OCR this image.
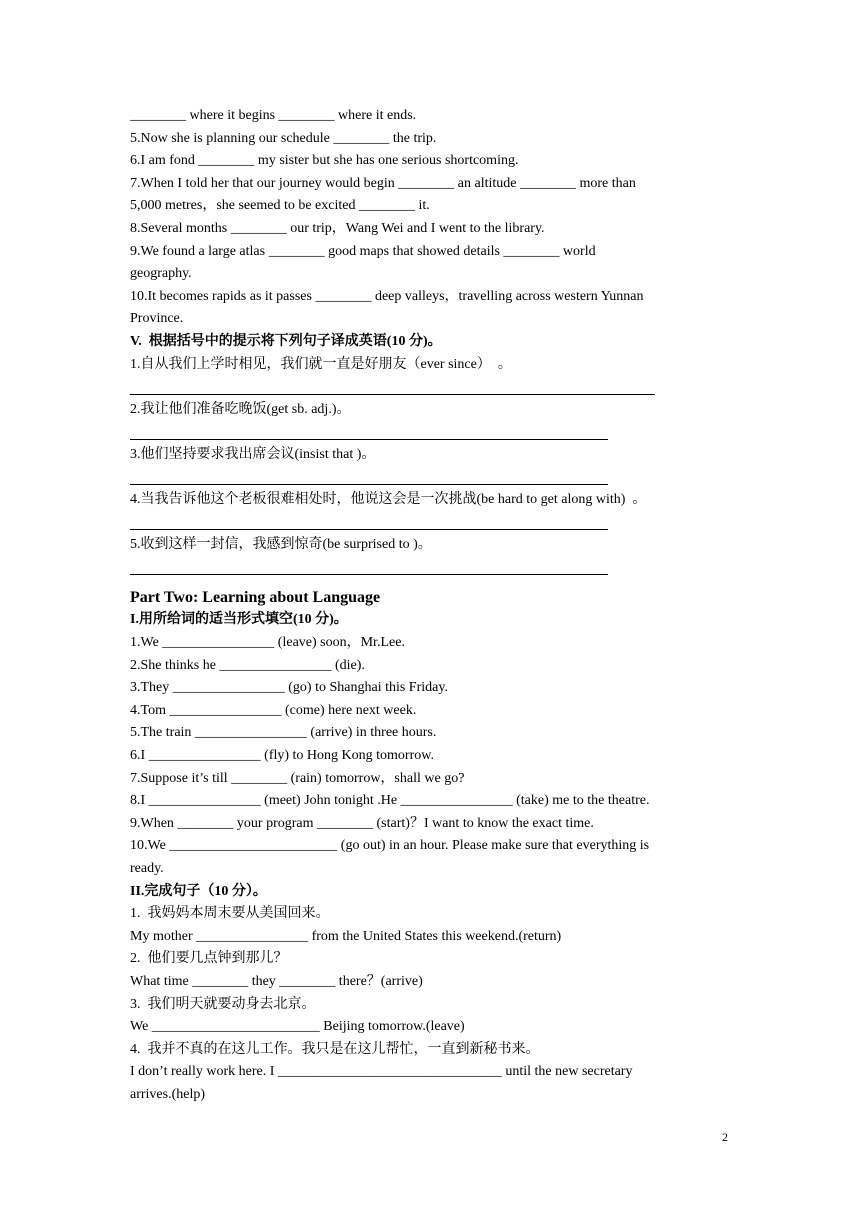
________ where it begins ________ where it ends.
5.Now she is planning our schedule ________ the trip.
6.I am fond ________ my sister but she has one serious shortcoming.
7.When I told her that our journey would begin ________ an altitude ________ more than
5,000 metres，she seemed to be excited ________ it.
8.Several months ________ our trip，Wang Wei and I went to the library.
9.We found a large atlas ________ good maps that showed details ________ world
geography.
10.It becomes rapids as it passes ________ deep valleys，travelling across western Yunnan
Province.
V.  根据括号中的提示将下列句子译成英语(10 分)。
1.自从我们上学时相见，我们就一直是好朋友（ever since）  。
2.我让他们准备吃晚饭(get sb. adj.)。
3.他们坚持要求我出席会议(insist that )。
4.当我告诉他这个老板很难相处时，他说这会是一次挑战(be hard to get along with)  。
5.收到这样一封信，我感到惊奇(be surprised to )。
Part Two: Learning about Language
I.用所给词的适当形式填空(10 分)。
1.We ________________ (leave) soon，Mr.Lee.
2.She thinks he ________________ (die).
3.They ________________ (go) to Shanghai this Friday.
4.Tom ________________ (come) here next week.
5.The train ________________ (arrive) in three hours.
6.I ________________ (fly) to Hong Kong tomorrow.
7.Suppose it’s till ________ (rain) tomorrow，shall we go?
8.I ________________ (meet) John tonight .He ________________ (take) me to the theatre.
9.When ________ your program ________ (start)？I want to know the exact time.
10.We ________________________ (go out) in an hour. Please make sure that everything is
ready.
II.完成句子（10 分）。
1.  我妈妈本周末要从美国回来。
My mother ________________ from the United States this weekend.(return)
2.  他们要几点钟到那儿？
What time ________ they ________ there？(arrive)
3.  我们明天就要动身去北京。
We ________________________ Beijing tomorrow.(leave)
4.  我并不真的在这儿工作。我只是在这儿帮忙，一直到新秘书来。
I don’t really work here. I ________________________________ until the new secretary
arrives.(help)
2
